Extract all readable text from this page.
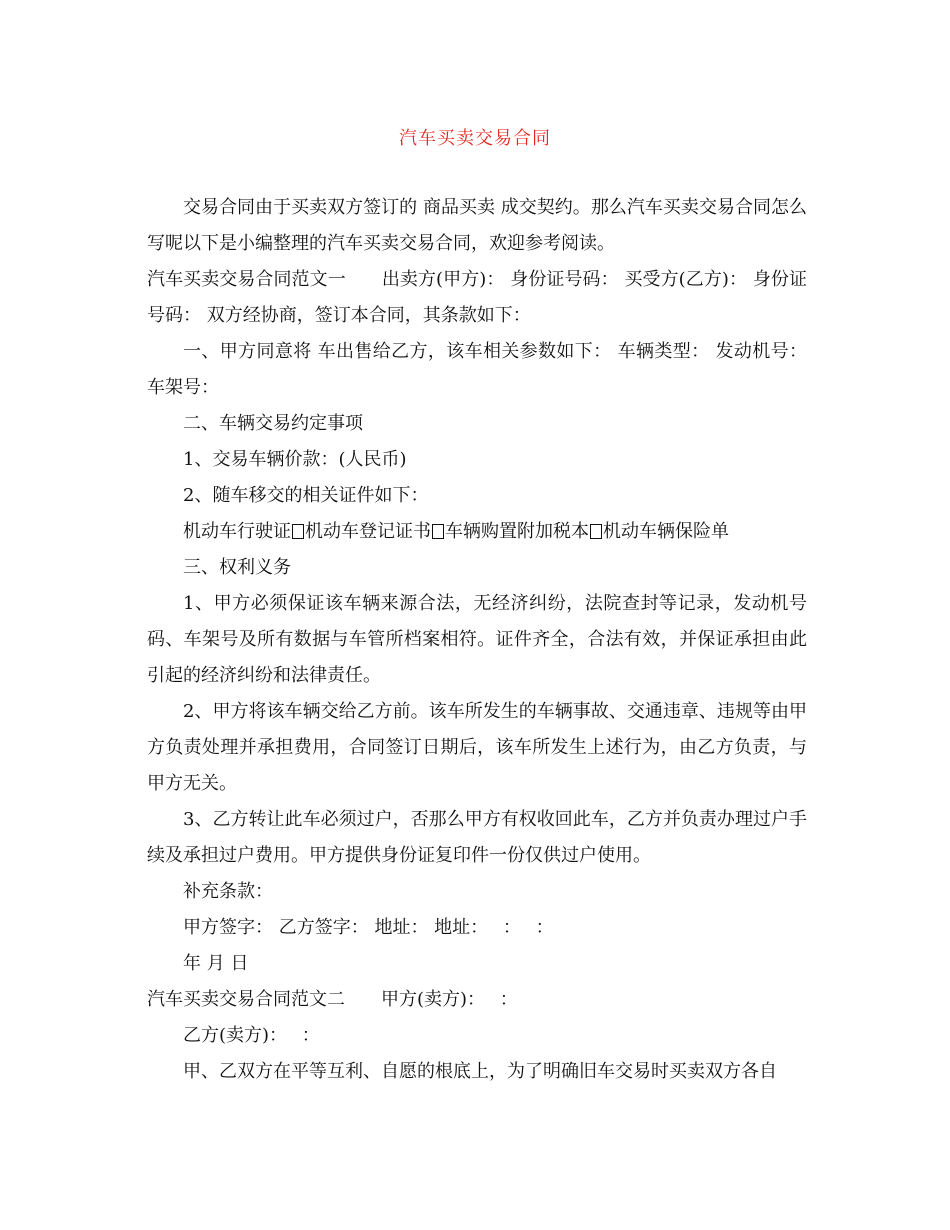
汽车买卖交易合同

交易合同由于买卖双方签订的 商品买卖 成交契约。那么汽车买卖交易合同怎么写呢以下是小编整理的汽车买卖交易合同，欢迎参考阅读。

汽车买卖交易合同范文一 出卖方(甲方)： 身份证号码： 买受方(乙方)： 身份证号码： 双方经协商，签订本合同，其条款如下：

一、甲方同意将 车出售给乙方，该车相关参数如下： 车辆类型： 发动机号： 车架号：

二、车辆交易约定事项

1、交易车辆价款：(人民币)

2、随车移交的相关证件如下：

机动车行驶证 机动车登记证书 车辆购置附加税本 机动车辆保险单

三、权利义务

1、甲方必须保证该车辆来源合法，无经济纠纷，法院查封等记录，发动机号码、车架号及所有数据与车管所档案相符。证件齐全，合法有效，并保证承担由此引起的经济纠纷和法律责任。

2、甲方将该车辆交给乙方前。该车所发生的车辆事故、交通违章、违规等由甲方负责处理并承担费用，合同签订日期后，该车所发生上述行为，由乙方负责，与甲方无关。

3、乙方转让此车必须过户，否那么甲方有权收回此车，乙方并负责办理过户手续及承担过户费用。甲方提供身份证复印件一份仅供过户使用。

补充条款：

甲方签字： 乙方签字： 地址： 地址：　 ：　 ：

年 月 日

汽车买卖交易合同范文二 甲方(卖方)：　 ：

乙方(卖方)：　 ：

甲、乙双方在平等互利、自愿的根底上，为了明确旧车交易时买卖双方各自
